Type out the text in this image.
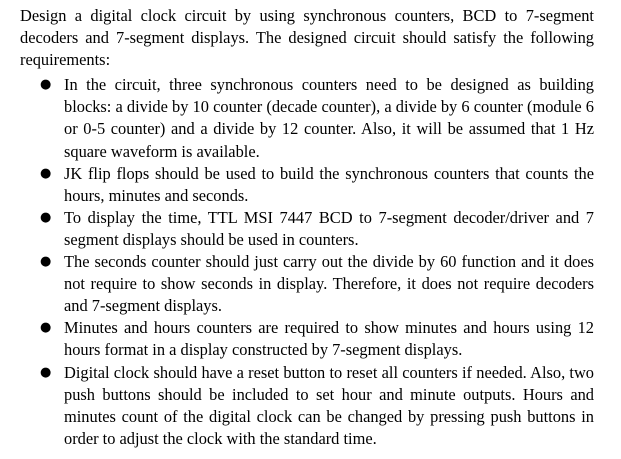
Design a digital clock circuit by using synchronous counters, BCD to 7-segment decoders and 7-segment displays. The designed circuit should satisfy the following requirements:

● In the circuit, three synchronous counters need to be designed as building blocks: a divide by 10 counter (decade counter), a divide by 6 counter (module 6 or 0-5 counter) and a divide by 12 counter. Also, it will be assumed that 1 Hz square waveform is available.
● JK flip flops should be used to build the synchronous counters that counts the hours, minutes and seconds.
● To display the time, TTL MSI 7447 BCD to 7-segment decoder/driver and 7 segment displays should be used in counters.
● The seconds counter should just carry out the divide by 60 function and it does not require to show seconds in display. Therefore, it does not require decoders and 7-segment displays.
● Minutes and hours counters are required to show minutes and hours using 12 hours format in a display constructed by 7-segment displays.
● Digital clock should have a reset button to reset all counters if needed. Also, two push buttons should be included to set hour and minute outputs. Hours and minutes count of the digital clock can be changed by pressing push buttons in order to adjust the clock with the standard time.
